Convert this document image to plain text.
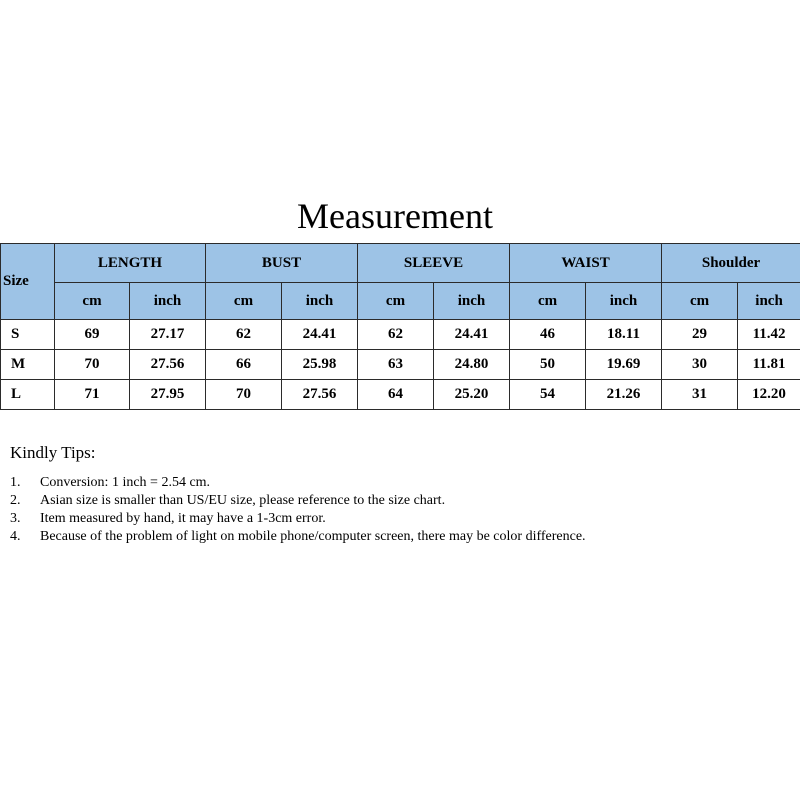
Measurement
Size	LENGTH		BUST		SLEEVE		WAIST		Shoulder	
	cm	inch	cm	inch	cm	inch	cm	inch	cm	inch
S	69	27.17	62	24.41	62	24.41	46	18.11	29	11.42
M	70	27.56	66	25.98	63	24.80	50	19.69	30	11.81
L	71	27.95	70	27.56	64	25.20	54	21.26	31	12.20
Kindly Tips:
1.	Conversion: 1 inch = 2.54 cm.
2.	Asian size is smaller than US/EU size, please reference to the size chart.
3.	Item measured by hand, it may have a 1-3cm error.
4.	Because of the problem of light on mobile phone/computer screen, there may be color difference.
